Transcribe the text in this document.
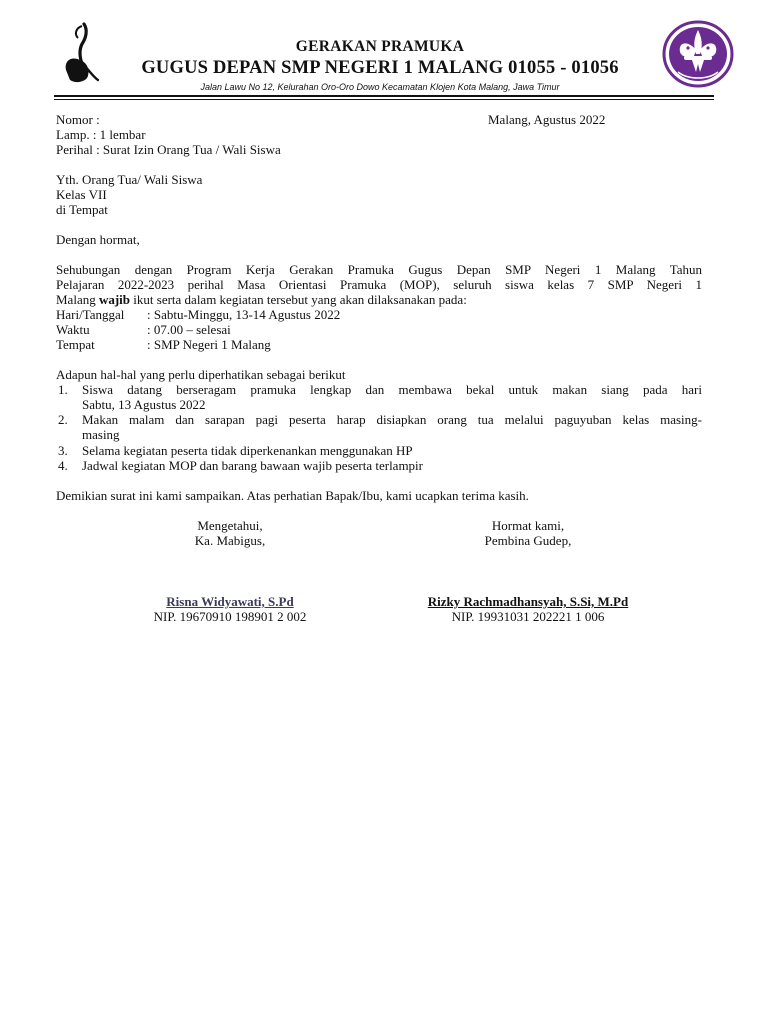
GERAKAN PRAMUKA
GUGUS DEPAN SMP NEGERI 1 MALANG 01055 - 01056
Jalan Lawu No 12, Kelurahan Oro-Oro Dowo Kecamatan Klojen Kota Malang, Jawa Timur
Nomor :	Malang, Agustus 2022
Lamp. : 1 lembar
Perihal : Surat Izin Orang Tua / Wali Siswa
Yth. Orang Tua/ Wali Siswa
Kelas VII
di Tempat
Dengan hormat,
Sehubungan dengan Program Kerja Gerakan Pramuka Gugus Depan SMP Negeri 1 Malang Tahun
Pelajaran 2022-2023 perihal Masa Orientasi Pramuka (MOP), seluruh siswa kelas 7 SMP Negeri 1
Malang wajib ikut serta dalam kegiatan tersebut yang akan dilaksanakan pada:
Hari/Tanggal : Sabtu-Minggu, 13-14 Agustus 2022
Waktu	: 07.00 – selesai
Tempat	: SMP Negeri 1 Malang
Adapun hal-hal yang perlu diperhatikan sebagai berikut
1. Siswa datang berseragam pramuka lengkap dan membawa bekal untuk makan siang pada hari
Sabtu, 13 Agustus 2022
2. Makan malam dan sarapan pagi peserta harap disiapkan orang tua melalui paguyuban kelas masing-
masing
3. Selama kegiatan peserta tidak diperkenankan menggunakan HP
4. Jadwal kegiatan MOP dan barang bawaan wajib peserta terlampir
Demikian surat ini kami sampaikan. Atas perhatian Bapak/Ibu, kami ucapkan terima kasih.
Mengetahui,
Ka. Mabigus,
Hormat kami,
Pembina Gudep,
Risna Widyawati, S.Pd
NIP. 19670910 198901 2 002
Rizky Rachmadhansyah, S.Si, M.Pd
NIP. 19931031 202221 1 006
